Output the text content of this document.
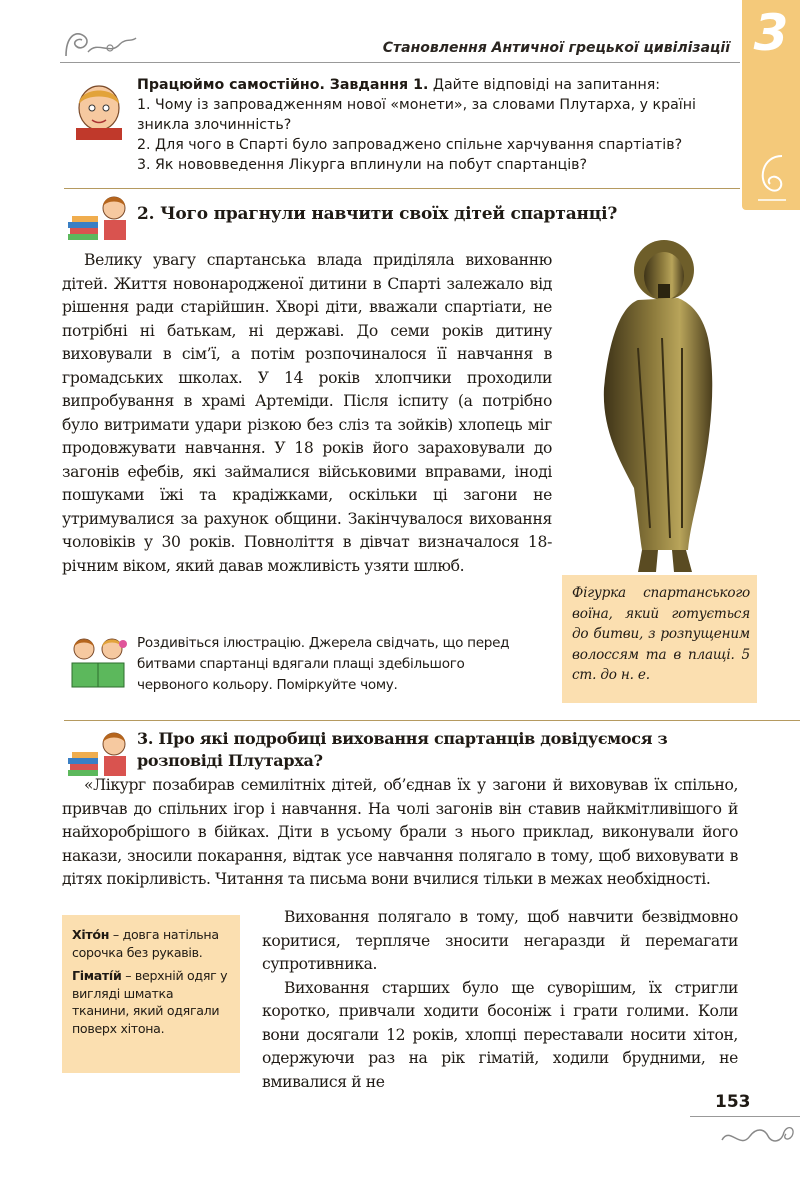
Становлення Античної грецької цивілізації 3

Працюймо самостійно. Завдання 1. Дайте відповіді на запитання:

1. Чому із запровадженням нової «монети», за словами Плутарха, у країні зникла злочинність?

2. Для чого в Спарті було запроваджено спільне харчування спартіатів?

3. Як нововведення Лікурга вплинули на побут спартанців?

2. Чого прагнули навчити своїх дітей спартанці?

Велику увагу спартанська влада приділяла вихованню дітей. Життя новонародженої дитини в Спарті залежало від рішення ради старійшин. Хворі діти, вважали спартіати, не потрібні ні батькам, ні державі. До семи років дитину виховували в сім’ї, а потім розпочиналося її навчання в громадських школах. У 14 років хлопчики проходили випробування в храмі Артеміди. Після іспиту (а потрібно було витримати удари різкою без сліз та зойків) хлопець міг продовжувати навчання. У 18 років його зараховували до загонів ефебів, які займалися військовими вправами, іноді пошуками їжі та крадіжками, оскільки ці загони не утримувалися за рахунок общини. Закінчувалося виховання чоловіків у 30 років. Повноліття в дівчат визначалося 18-річним віком, який давав можливість узяти шлюб.

Фігурка спартанського воїна, який готується до битви, з розпущеним волоссям та в плащі. 5 ст. до н. е.
Роздивіться ілюстрацію. Джерела свідчать, що перед битвами спартанці вдягали плащі здебільшого червоного кольору. Поміркуйте чому.
3. Про які подробиці виховання спартанців довідуємося з розповіді Плутарха?

«Лікург позабирав семилітніх дітей, об’єднав їх у загони й виховував їх спільно, привчав до спільних ігор і навчання. На чолі загонів він ставив найкмітливішого й найхоробрішого в бійках. Діти в усьому брали з нього приклад, виконували його накази, зносили покарання, відтак усе навчання полягало в тому, щоб виховувати в дітях покірливість. Читання та письма вони вчилися тільки в межах необхідності.

Хіто́н – довга натільна сорочка без рукавів.

Гіматі́й – верхній одяг у вигляді шматка тканини, який одягали поверх хітона.

Виховання полягало в тому, щоб навчити безвідмовно коритися, терпляче зносити негаразди й перемагати супротивника.

Виховання старших було ще суворішим, їх стригли коротко, привчали ходити босоніж і грати голими. Коли вони досягали 12 років, хлопці переставали носити хітон, одержуючи раз на рік гіматій, ходили брудними, не вмивалися й не

153
